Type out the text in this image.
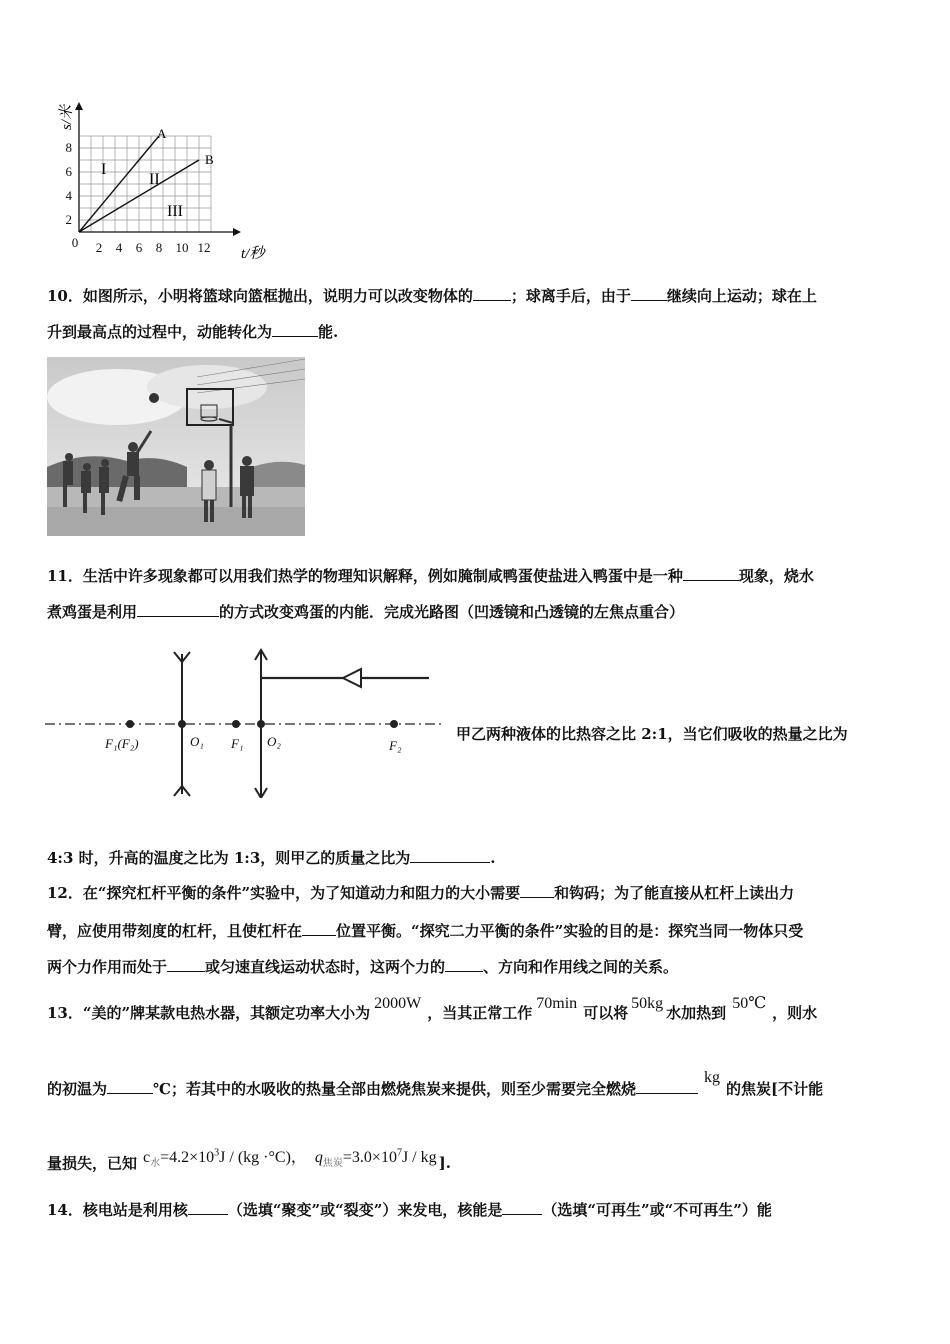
0 2 4 6 8 10 12
2
4
6
8
t/秒
s/米
A
B
I
II
III
10．如图所示，小明将篮球向篮框抛出，说明力可以改变物体的	；球离手后，由于 继续向上运动；球在上
升到最高点的过程中，动能转化为	能.
11．生活中许多现象都可以用我们热学的物理知识解释，例如腌制咸鸭蛋使盐进入鸭蛋中是一种	现象，烧水
煮鸡蛋是利用	的方式改变鸡蛋的内能．完成光路图（凹透镜和凸透镜的左焦点重合）
F₁(F₂)	O₁ F₁ O₂	F₂
甲乙两种液体的比热容之比 2:1，当它们吸收的热量之比为
4:3 时，升高的温度之比为 1:3，则甲乙的质量之比为	.
12．在“探究杠杆平衡的条件”实验中，为了知道动力和阻力的大小需要 和钩码；为了能直接从杠杆上读出力
臂，应使用带刻度的杠杆，且使杠杆在 位置平衡。“探究二力平衡的条件”实验的目的是：探究当同一物体只受
两个力作用而处于	或匀速直线运动状态时，这两个力的	、方向和作用线之间的关系。
13．“美的”牌某款电热水器，其额定功率大小为2000W，当其正常工作70min可以将50kg水加热到50℃，则水
的初温为	℃；若其中的水吸收的热量全部由燃烧焦炭来提供，则至少需要完全燃烧kg的焦炭[不计能
量损失，已知 $c_水=4.2\times 10^3J / (kg \cdot^\circ C)$， $q_{焦炭}=3.0\times 10^7J$ / kg ].
14．核电站是利用核	（选填“聚变”或“裂变”）来发电，核能是	（选填“可再生”或“不可再生”）能
